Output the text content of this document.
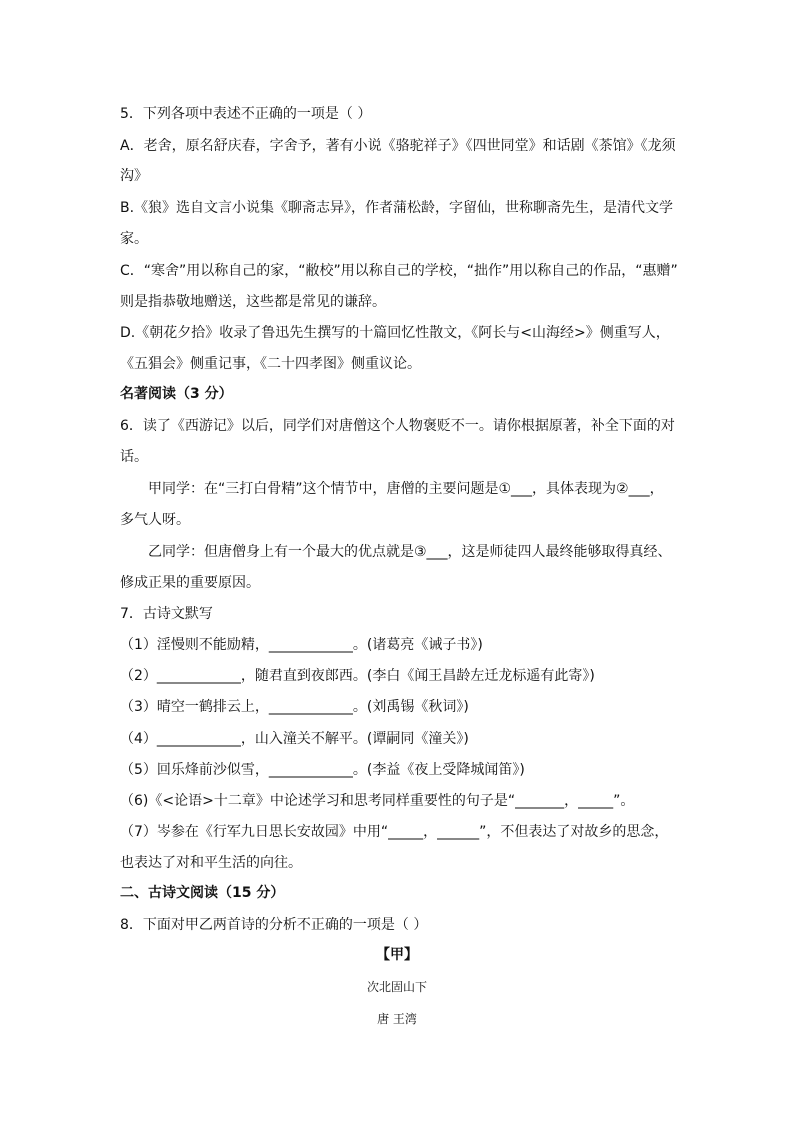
5．下列各项中表述不正确的一项是（ ）
A．老舍，原名舒庆春，字舍予，著有小说《骆驼祥子》《四世同堂》和话剧《茶馆》《龙须
沟》
B.《狼》选自文言小说集《聊斋志异》，作者蒲松龄，字留仙，世称聊斋先生，是清代文学
家。
C．“寒舍”用以称自己的家，“敝校”用以称自己的学校，“拙作”用以称自己的作品，“惠赠”
则是指恭敬地赠送，这些都是常见的谦辞。
D.《朝花夕拾》收录了鲁迅先生撰写的十篇回忆性散文，《阿长与<山海经>》侧重写人，
《五猖会》侧重记事，《二十四孝图》侧重议论。
名著阅读（3 分）
6．读了《西游记》以后，同学们对唐僧这个人物褒贬不一。请你根据原著，补全下面的对
话。
甲同学：在“三打白骨精”这个情节中，唐僧的主要问题是①___，具体表现为②___，
多气人呀。
乙同学：但唐僧身上有一个最大的优点就是③___，这是师徒四人最终能够取得真经、
修成正果的重要原因。
7．古诗文默写
（1）淫慢则不能励精，____________。(诸葛亮《诫子书》)
（2）____________，随君直到夜郎西。(李白《闻王昌龄左迁龙标遥有此寄》)
（3）晴空一鹤排云上，____________。(刘禹锡《秋词》)
（4）____________，山入潼关不解平。(谭嗣同《潼关》)
（5）回乐烽前沙似雪，____________。(李益《夜上受降城闻笛》)
（6)《<论语>十二章》中论述学习和思考同样重要性的句子是“_______，_____”。
（7）岑参在《行军九日思长安故园》中用“_____，______”，不但表达了对故乡的思念，
也表达了对和平生活的向往。
二、古诗文阅读（15 分）
8．下面对甲乙两首诗的分析不正确的一项是（ ）
【甲】
次北固山下
唐 王湾
